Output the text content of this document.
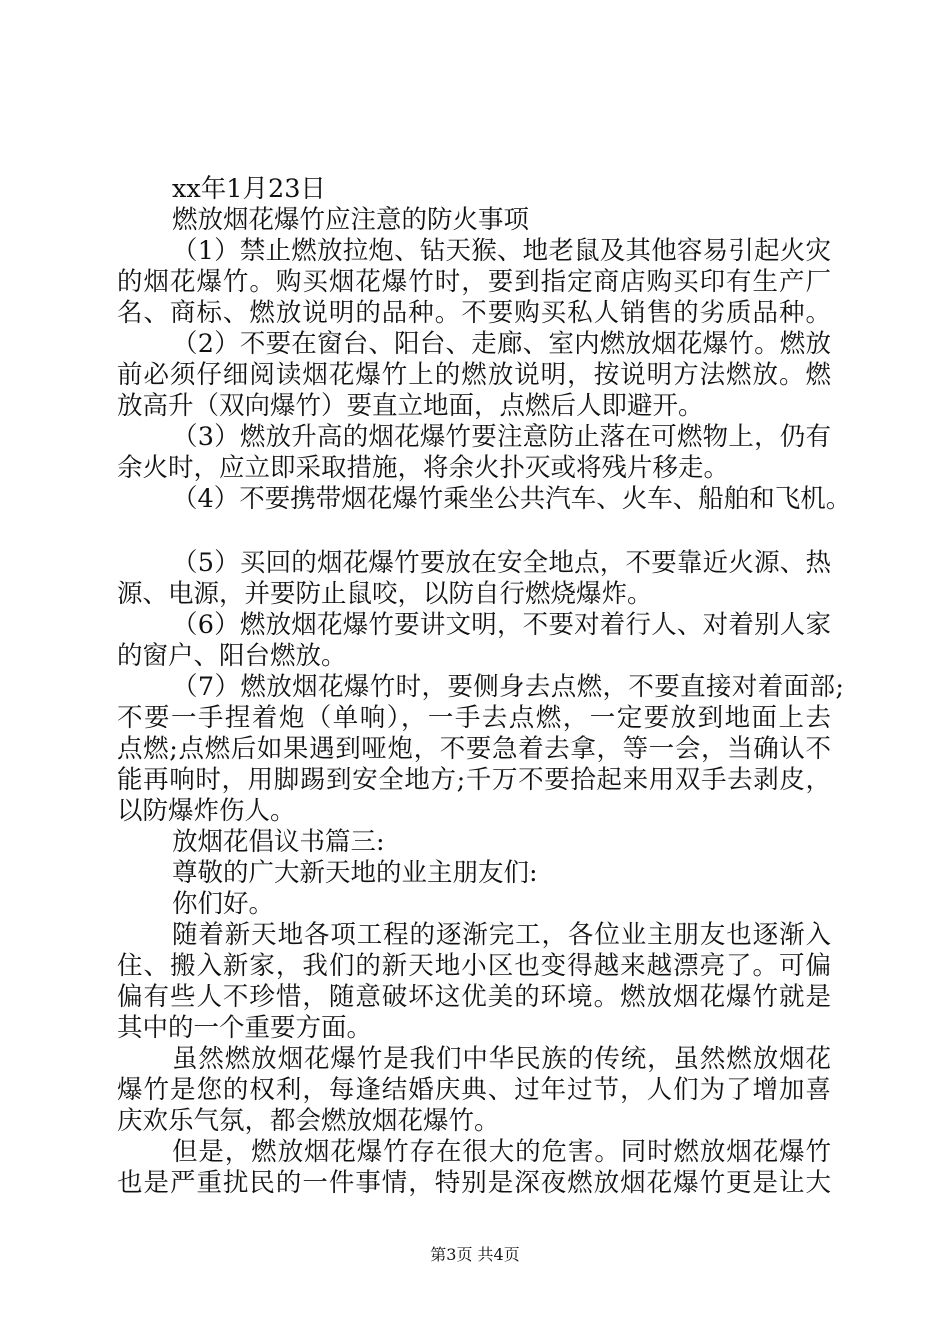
xx年1月23日
燃放烟花爆竹应注意的防火事项
（1）禁止燃放拉炮、钻天猴、地老鼠及其他容易引起火灾
的烟花爆竹。购买烟花爆竹时，要到指定商店购买印有生产厂
名、商标、燃放说明的品种。不要购买私人销售的劣质品种。
（2）不要在窗台、阳台、走廊、室内燃放烟花爆竹。燃放
前必须仔细阅读烟花爆竹上的燃放说明，按说明方法燃放。燃
放高升（双向爆竹）要直立地面，点燃后人即避开。
（3）燃放升高的烟花爆竹要注意防止落在可燃物上，仍有
余火时，应立即采取措施，将余火扑灭或将残片移走。
（4）不要携带烟花爆竹乘坐公共汽车、火车、船舶和飞机。
（5）买回的烟花爆竹要放在安全地点，不要靠近火源、热
源、电源，并要防止鼠咬，以防自行燃烧爆炸。
（6）燃放烟花爆竹要讲文明，不要对着行人、对着别人家
的窗户、阳台燃放。
（7）燃放烟花爆竹时，要侧身去点燃，不要直接对着面部;
不要一手捏着炮（单响），一手去点燃，一定要放到地面上去
点燃;点燃后如果遇到哑炮，不要急着去拿，等一会，当确认不
能再响时，用脚踢到安全地方;千万不要拾起来用双手去剥皮，
以防爆炸伤人。
放烟花倡议书篇三:
尊敬的广大新天地的业主朋友们:
你们好。
随着新天地各项工程的逐渐完工，各位业主朋友也逐渐入
住、搬入新家，我们的新天地小区也变得越来越漂亮了。可偏
偏有些人不珍惜，随意破坏这优美的环境。燃放烟花爆竹就是
其中的一个重要方面。
虽然燃放烟花爆竹是我们中华民族的传统，虽然燃放烟花
爆竹是您的权利，每逢结婚庆典、过年过节，人们为了增加喜
庆欢乐气氛，都会燃放烟花爆竹。
但是，燃放烟花爆竹存在很大的危害。同时燃放烟花爆竹
也是严重扰民的一件事情，特别是深夜燃放烟花爆竹更是让大
第3页 共4页
